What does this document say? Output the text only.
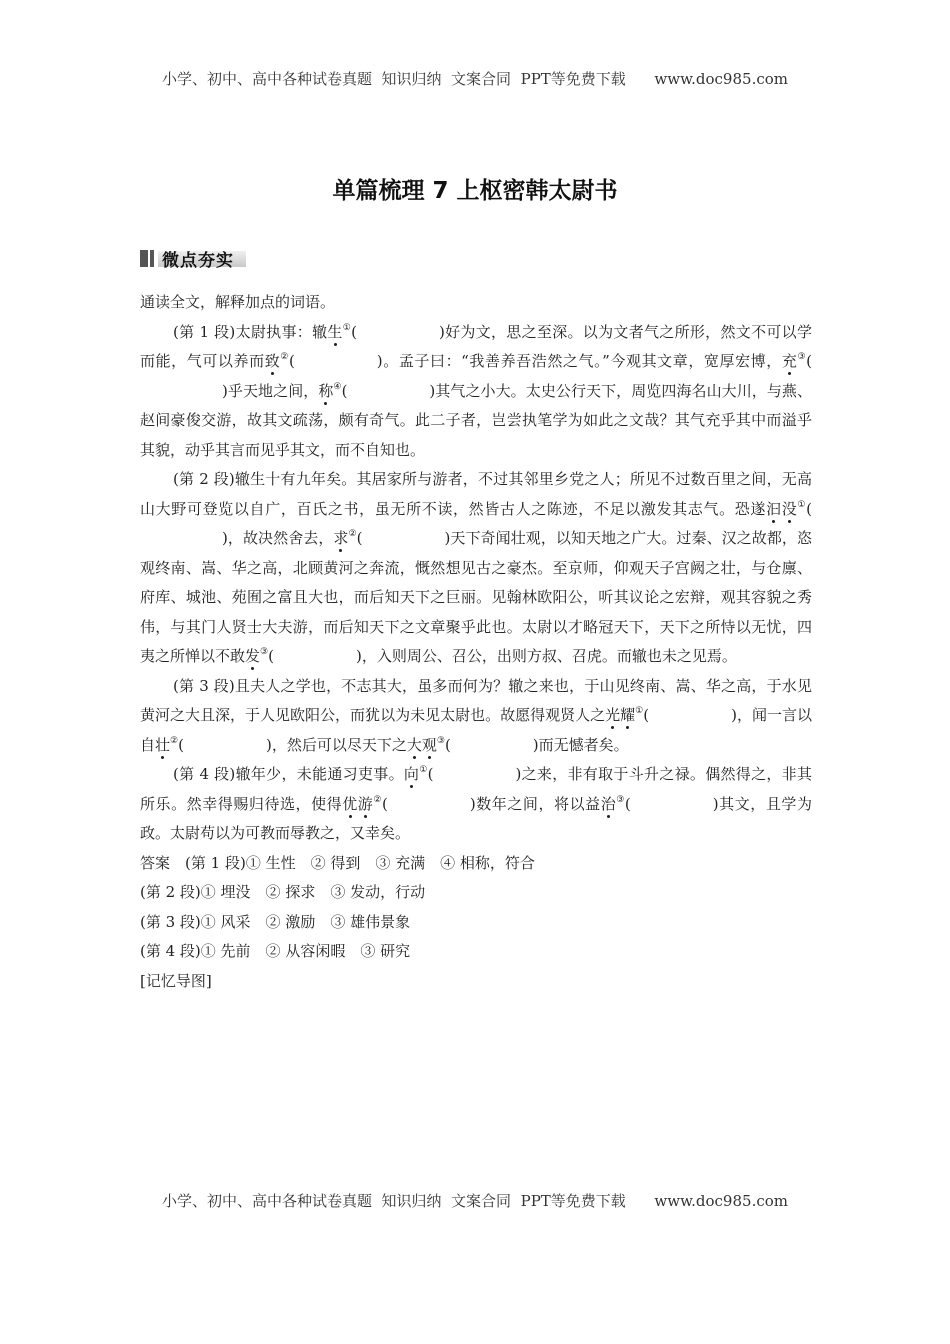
小学、初中、高中各种试卷真题  知识归纳  文案合同  PPT等免费下载      www.doc985.com
单篇梳理 7 上枢密韩太尉书
微点夯实

通读全文，解释加点的词语。

(第 1 段)太尉执事：辙生①(	)好为文，思之至深。以为文者气之所形，然文不可以学而能，气可以养而致②(	)。孟子曰：“我善养吾浩然之气。”今观其文章，宽厚宏博，充③()乎天地之间，称④(	)其气之小大。太史公行天下，周览四海名山大川，与燕、赵间豪俊交游，故其文疏荡，颇有奇气。此二子者，岂尝执笔学为如此之文哉？其气充乎其中而溢乎其貌，动乎其言而见乎其文，而不自知也。

(第 2 段)辙生十有九年矣。其居家所与游者，不过其邻里乡党之人；所见不过数百里之间，无高山大野可登览以自广，百氏之书，虽无所不读，然皆古人之陈迹，不足以激发其志气。恐遂汩没①()，故决然舍去，求②(	)天下奇闻壮观，以知天地之广大。过秦、汉之故都，恣观终南、嵩、华之高，北顾黄河之奔流，慨然想见古之豪杰。至京师，仰观天子宫阙之壮，与仓廪、府库、城池、苑囿之富且大也，而后知天下之巨丽。见翰林欧阳公，听其议论之宏辩，观其容貌之秀伟，与其门人贤士大夫游，而后知天下之文章聚乎此也。太尉以才略冠天下，天下之所恃以无忧，四夷之所惮以不敢发③(	)，入则周公、召公，出则方叔、召虎。而辙也未之见焉。

(第 3 段)且夫人之学也，不志其大，虽多而何为？辙之来也，于山见终南、嵩、华之高，于水见黄河之大且深，于人见欧阳公，而犹以为未见太尉也。故愿得观贤人之光耀①(	)，闻一言以自壮②(	)，然后可以尽天下之大观③(	)而无憾者矣。

(第 4 段)辙年少，未能通习吏事。向①(	)之来，非有取于斗升之禄。偶然得之，非其所乐。然幸得赐归待选，使得优游②(	)数年之间，将以益治③(	)其文，且学为政。太尉苟以为可教而辱教之，又幸矣。

答案　 (第 1 段)① 生性　② 得到　③ 充满　④ 相称，符合

(第 2 段)① 埋没　② 探求　③ 发动，行动

(第 3 段)① 风采　② 激励　③ 雄伟景象

(第 4 段)① 先前　② 从容闲暇　③ 研究

[记忆导图]

小学、初中、高中各种试卷真题  知识归纳  文案合同  PPT等免费下载      www.doc985.com
